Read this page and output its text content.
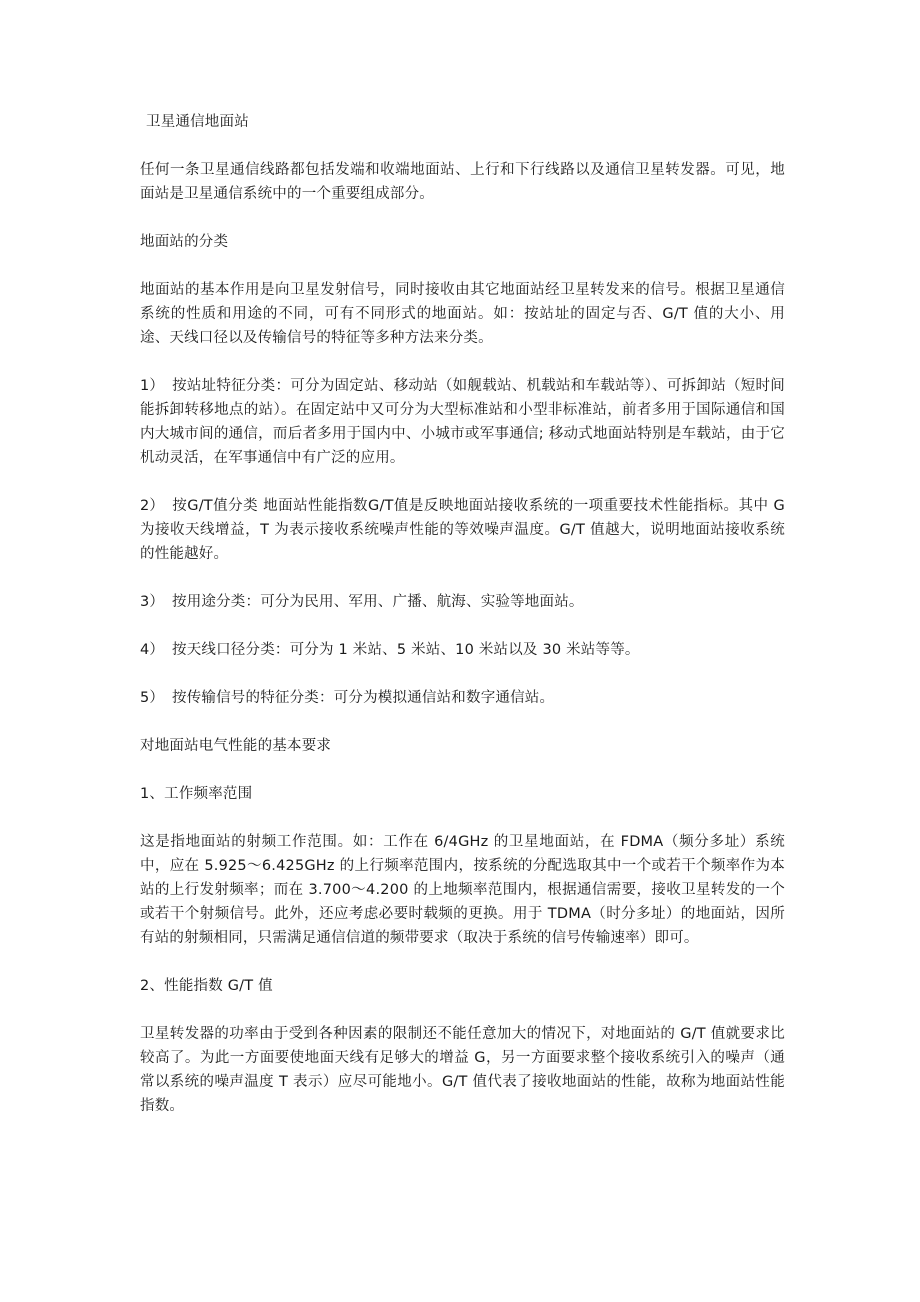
卫星通信地面站

任何一条卫星通信线路都包括发端和收端地面站、上行和下行线路以及通信卫星转发器。可见，地面站是卫星通信系统中的一个重要组成部分。

地面站的分类

地面站的基本作用是向卫星发射信号，同时接收由其它地面站经卫星转发来的信号。根据卫星通信系统的性质和用途的不同，可有不同形式的地面站。如：按站址的固定与否、G/T 值的大小、用途、天线口径以及传输信号的特征等多种方法来分类。

1） 按站址特征分类：可分为固定站、移动站（如舰载站、机载站和车载站等）、可拆卸站（短时间能拆卸转移地点的站）。在固定站中又可分为大型标准站和小型非标准站，前者多用于国际通信和国内大城市间的通信，而后者多用于国内中、小城市或军事通信; 移动式地面站特别是车载站，由于它机动灵活，在军事通信中有广泛的应用。

2） 按G/T值分类 地面站性能指数G/T值是反映地面站接收系统的一项重要技术性能指标。其中 G 为接收天线增益，T 为表示接收系统噪声性能的等效噪声温度。G/T 值越大，说明地面站接收系统的性能越好。

3） 按用途分类：可分为民用、军用、广播、航海、实验等地面站。

4） 按天线口径分类：可分为 1 米站、5 米站、10 米站以及 30 米站等等。

5） 按传输信号的特征分类：可分为模拟通信站和数字通信站。

对地面站电气性能的基本要求

1、工作频率范围

这是指地面站的射频工作范围。如：工作在 6/4GHz 的卫星地面站，在 FDMA（频分多址）系统中，应在 5.925～6.425GHz 的上行频率范围内，按系统的分配选取其中一个或若干个频率作为本站的上行发射频率；而在 3.700～4.200 的上地频率范围内，根据通信需要，接收卫星转发的一个或若干个射频信号。此外，还应考虑必要时载频的更换。用于 TDMA（时分多址）的地面站，因所有站的射频相同，只需满足通信信道的频带要求（取决于系统的信号传输速率）即可。

2、性能指数 G/T 值

卫星转发器的功率由于受到各种因素的限制还不能任意加大的情况下，对地面站的 G/T 值就要求比较高了。为此一方面要使地面天线有足够大的增益 G，另一方面要求整个接收系统引入的噪声（通常以系统的噪声温度 T 表示）应尽可能地小。G/T 值代表了接收地面站的性能，故称为地面站性能指数。
